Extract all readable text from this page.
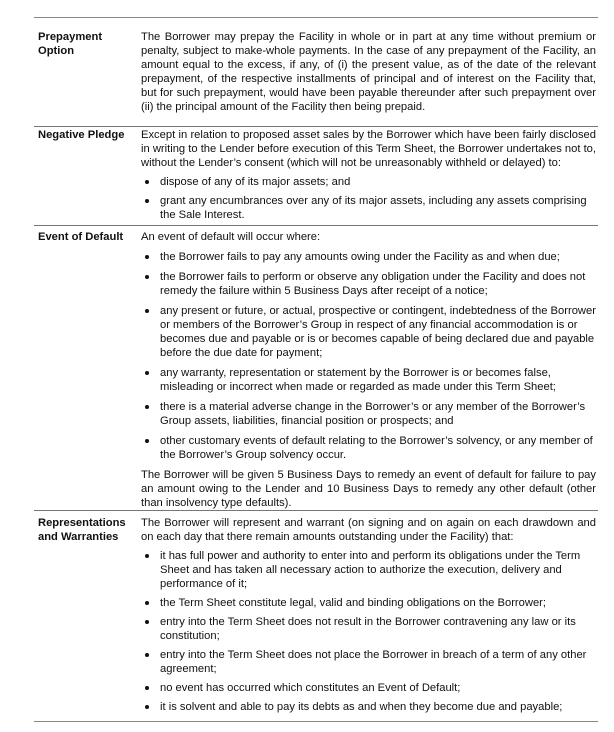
Prepayment Option

The Borrower may prepay the Facility in whole or in part at any time without premium or penalty, subject to make-whole payments. In the case of any prepayment of the Facility, an amount equal to the excess, if any, of (i) the present value, as of the date of the relevant prepayment, of the respective installments of principal and of interest on the Facility that, but for such prepayment, would have been payable thereunder after such prepayment over (ii) the principal amount of the Facility then being prepaid.

Negative Pledge	Except in relation to proposed asset sales by the Borrower which have been fairly disclosed in writing to the Lender before execution of this Term Sheet, the Borrower undertakes not to, without the Lender’s consent (which will not be unreasonably withheld or delayed) to:

dispose of any of its major assets; and

grant any encumbrances over any of its major assets, including any assets comprising the Sale Interest.

Event of Default	An event of default will occur where:

the Borrower fails to pay any amounts owing under the Facility as and when due;

the Borrower fails to perform or observe any obligation under the Facility and does not remedy the failure within 5 Business Days after receipt of a notice;

any present or future, or actual, prospective or contingent, indebtedness of the Borrower or members of the Borrower’s Group in respect of any financial accommodation is or becomes due and payable or is or becomes capable of being declared due and payable before the due date for payment;

any warranty, representation or statement by the Borrower is or becomes false, misleading or incorrect when made or regarded as made under this Term Sheet;

there is a material adverse change in the Borrower’s or any member of the Borrower’s Group assets, liabilities, financial position or prospects; and

other customary events of default relating to the Borrower’s solvency, or any member of the Borrower’s Group solvency occur.

The Borrower will be given 5 Business Days to remedy an event of default for failure to pay an amount owing to the Lender and 10 Business Days to remedy any other default (other than insolvency type defaults).

Representations and Warranties

The Borrower will represent and warrant (on signing and on again on each drawdown and on each day that there remain amounts outstanding under the Facility) that:

it has full power and authority to enter into and perform its obligations under the Term Sheet and has taken all necessary action to authorize the execution, delivery and performance of it;

the Term Sheet constitute legal, valid and binding obligations on the Borrower;

entry into the Term Sheet does not result in the Borrower contravening any law or its constitution;

entry into the Term Sheet does not place the Borrower in breach of a term of any other agreement;

no event has occurred which constitutes an Event of Default;

it is solvent and able to pay its debts as and when they become due and payable;
